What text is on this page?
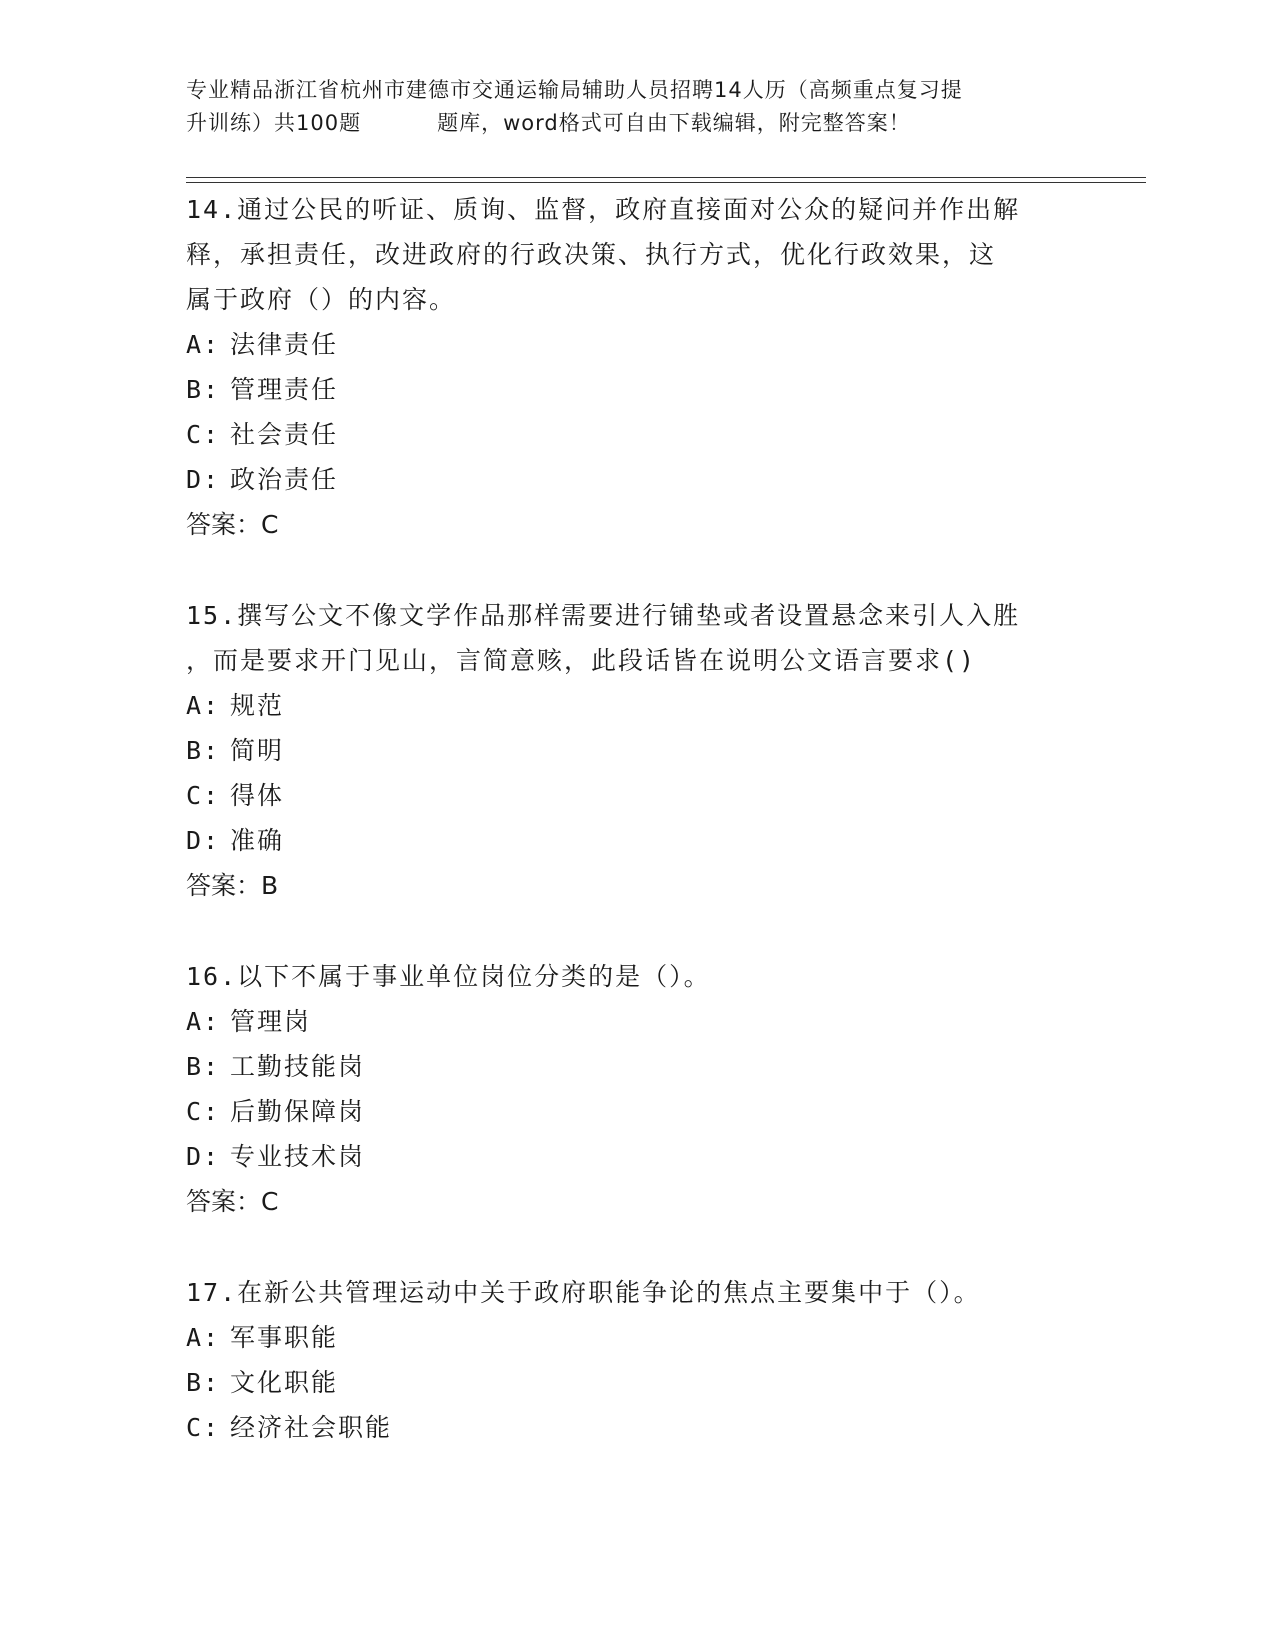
专业精品浙江省杭州市建德市交通运输局辅助人员招聘14人历（高频重点复习提
升训练）共100题	题库，word格式可自由下载编辑，附完整答案！
14.通过公民的听证、质询、监督，政府直接面对公众的疑问并作出解
释，承担责任，改进政府的行政决策、执行方式，优化行政效果，这
属于政府（）的内容。
A: 法律责任
B: 管理责任
C: 社会责任
D: 政治责任
答案：C
15.撰写公文不像文学作品那样需要进行铺垫或者设置悬念来引人入胜
，而是要求开门见山，言简意赅，此段话皆在说明公文语言要求()
A: 规范
B: 简明
C: 得体
D: 准确
答案：B
16.以下不属于事业单位岗位分类的是（）。
A: 管理岗
B: 工勤技能岗
C: 后勤保障岗
D: 专业技术岗
答案：C
17.在新公共管理运动中关于政府职能争论的焦点主要集中于（）。
A: 军事职能
B: 文化职能
C: 经济社会职能
